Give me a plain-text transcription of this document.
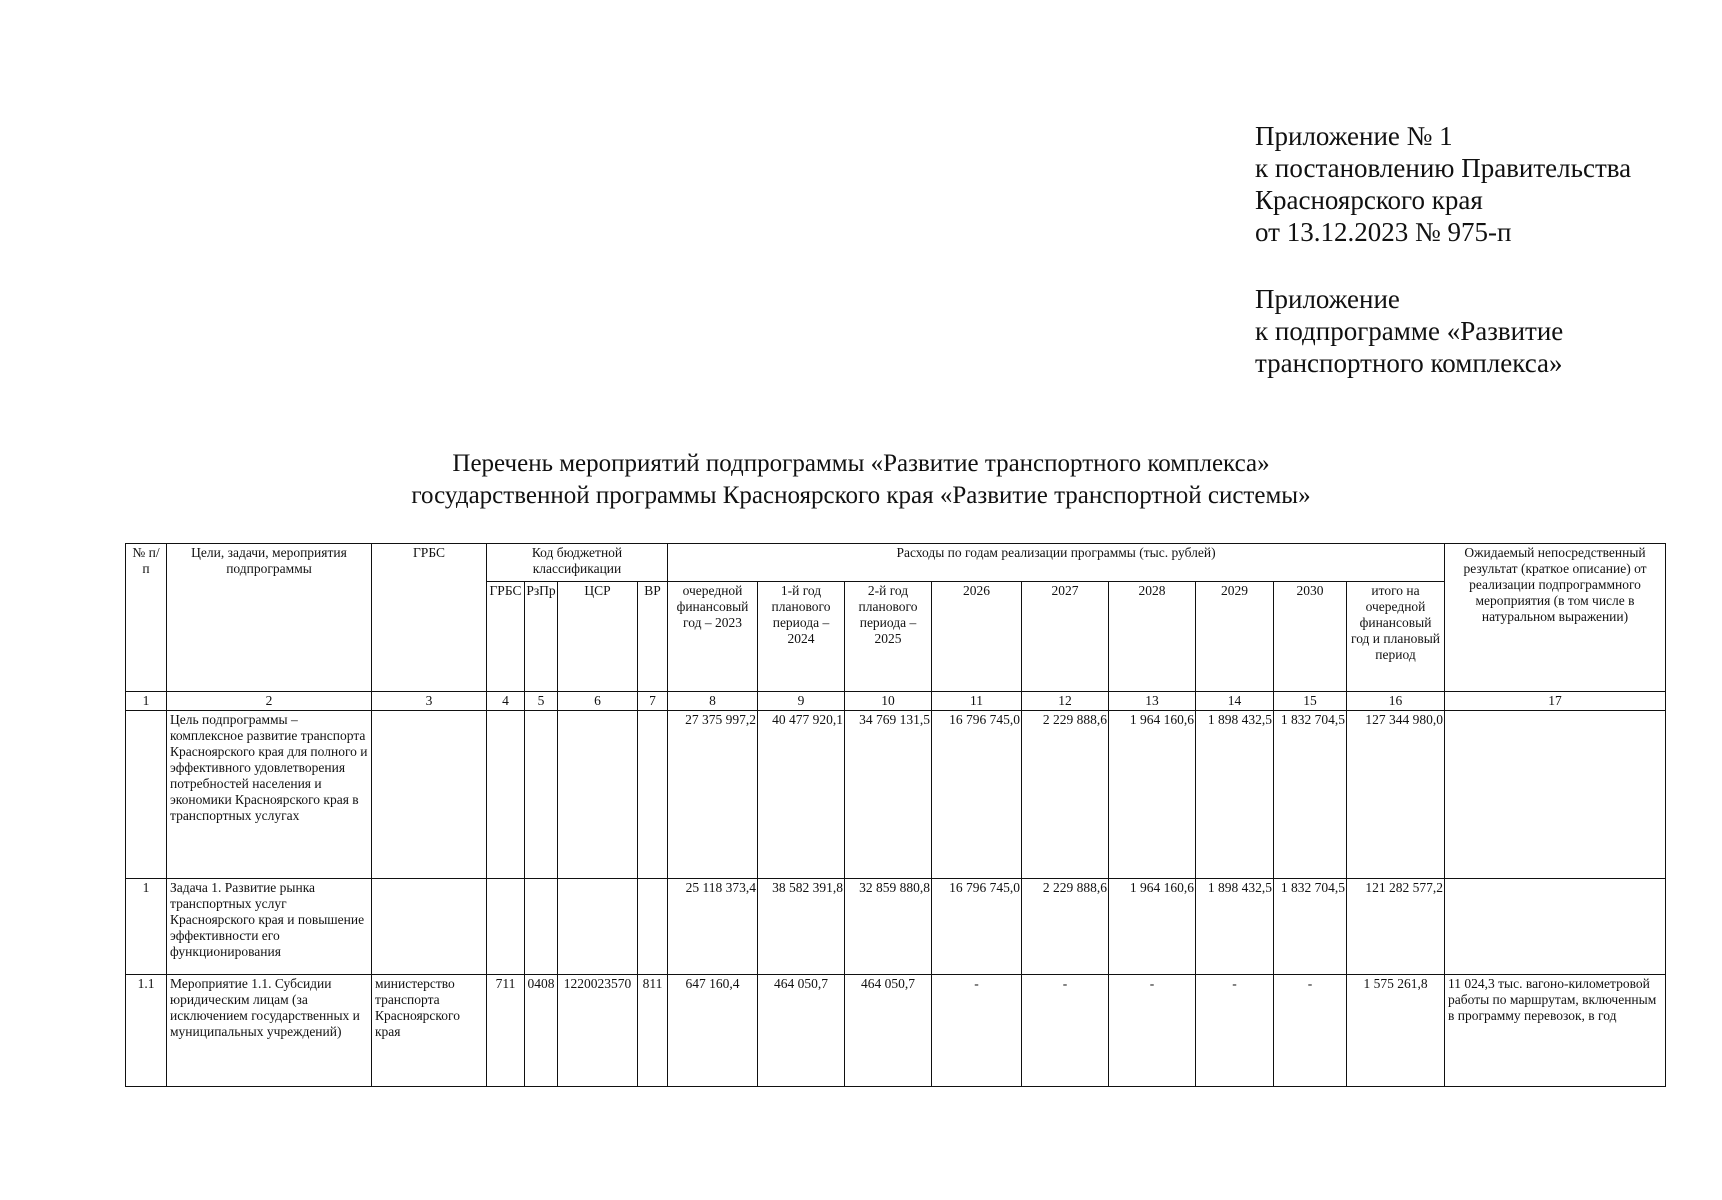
Приложение № 1
к постановлению Правительства
Красноярского края
от 13.12.2023 № 975-п
Приложение
к подпрограмме «Развитие
транспортного комплекса»
Перечень мероприятий подпрограммы «Развитие транспортного комплекса»
государственной программы Красноярского края «Развитие транспортной системы»
№ п/п	Цели, задачи, мероприятия подпрограммы	ГРБС	Код бюджетной классификации				Расходы по годам реализации программы (тыс. рублей)									Ожидаемый непосредственный результат (краткое описание) от реализации подпрограммного мероприятия (в том числе в натуральном выражении)
			ГРБС	РзПр	ЦСР	ВР	очередной финансовый год – 2023	1-й год планового периода – 2024	2-й год планового периода – 2025	2026	2027	2028	2029	2030	итого на очередной финансовый год и плановый период	
1	2	3	4	5	6	7	8	9	10	11	12	13	14	15	16	17
	Цель подпрограммы – комплексное развитие транспорта Красноярского края для полного и эффективного удовлетворения потребностей населения и экономики Красноярского края в транспортных услугах						27 375 997,2	40 477 920,1	34 769 131,5	16 796 745,0	2 229 888,6	1 964 160,6	1 898 432,5	1 832 704,5	127 344 980,0	
1	Задача 1. Развитие рынка транспортных услуг Красноярского края и повышение эффективности его функционирования						25 118 373,4	38 582 391,8	32 859 880,8	16 796 745,0	2 229 888,6	1 964 160,6	1 898 432,5	1 832 704,5	121 282 577,2	
1.1	Мероприятие 1.1. Субсидии юридическим лицам (за исключением государственных и муниципальных учреждений)	министерство транспорта Красноярского края	711	0408	1220023570	811	647 160,4	464 050,7	464 050,7	-	-	-	-	-	1 575 261,8	11 024,3 тыс. вагоно-километровой работы по маршрутам, включенным в программу перевозок, в год
